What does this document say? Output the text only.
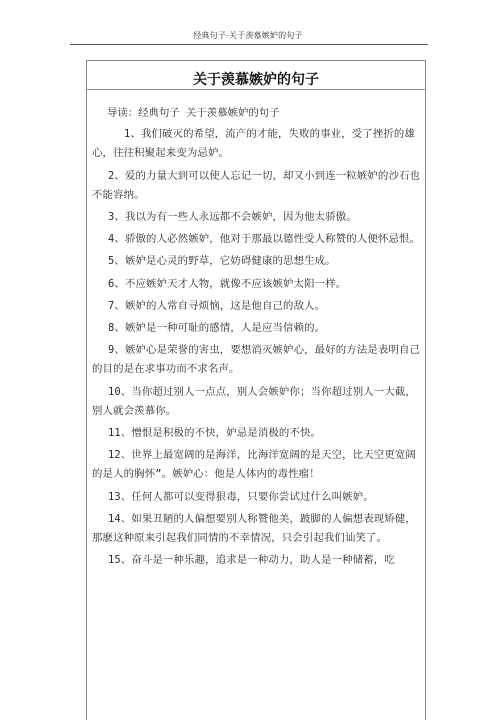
经典句子-关于羡慕嫉妒的句子
关于羡慕嫉妒的句子

导读：经典句子 关于羡慕嫉妒的句子

1、我们破灭的希望，流产的才能，失败的事业，受了挫折的雄心，往往积聚起来变为忌妒。

2、爱的力量大到可以使人忘记一切，却又小到连一粒嫉妒的沙石也不能容纳。

3、我以为有一些人永远都不会嫉妒，因为他太骄傲。

4、骄傲的人必然嫉妒，他对于那最以德性受人称赞的人便怀忌恨。

5、嫉妒是心灵的野草，它妨碍健康的思想生成。

6、不应嫉妒天才人物，就像不应该嫉妒太阳一样。

7、嫉妒的人常自寻烦恼，这是他自己的敌人。

8、嫉妒是一种可耻的感情，人是应当信赖的。

9、嫉妒心是荣誉的害虫，要想消灭嫉妒心，最好的方法是表明自己的目的是在求事功而不求名声。

10、当你超过别人一点点，别人会嫉妒你；当你超过别人一大截，别人就会羡慕你。

11、憎恨是积极的不快，妒忌是消极的不快。

12、世界上最宽阔的是海洋，比海洋宽阔的是天空，比天空更宽阔的是人的胸怀”。嫉妒心：他是人体内的毒性瘤！

13、任何人都可以变得狠毒，只要你尝试过什么叫嫉妒。

14、如果丑陋的人偏想要别人称赞他美，跛脚的人偏想表现矫健，那麽这种原来引起我们同情的不幸情况，只会引起我们讪笑了。

15、奋斗是一种乐趣，追求是一种动力，助人是一种储蓄，吃
